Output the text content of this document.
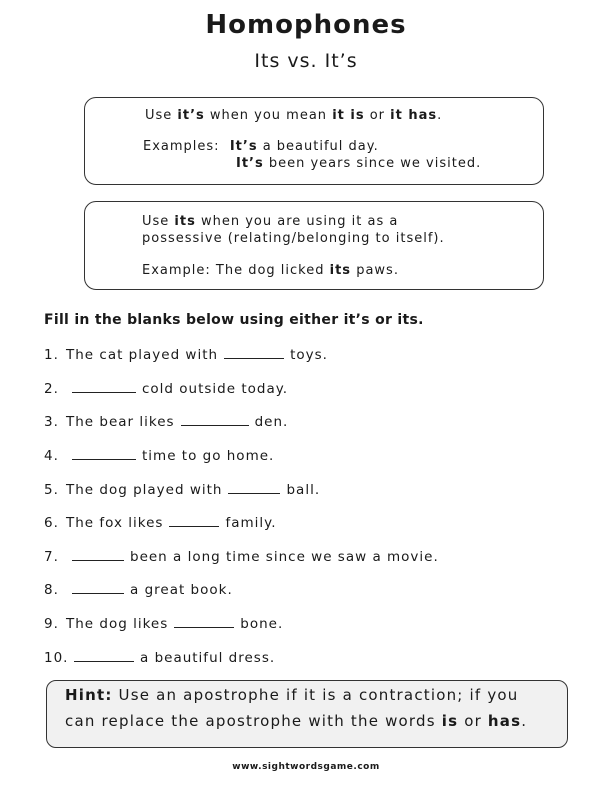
Homophones
Its vs. It’s
Use it’s when you mean it is or it has.
Examples: It’s a beautiful day.
It’s been years since we visited.
Use its when you are using it as a
possessive (relating/belonging to itself).
Example: The dog licked its paws.
Fill in the blanks below using either it’s or its.
1. The cat played with	toys.
2.	cold outside today.
3. The bear likes	den.
4.	time to go home.
5. The dog played with	ball.
6. The fox likes	family.
7.	been a long time since we saw a movie.
8.	a great book.
9. The dog likes	bone.
10.	a beautiful dress.
Hint: Use an apostrophe if it is a contraction; if you
can replace the apostrophe with the words is or has.
www.sightwordsgame.com
